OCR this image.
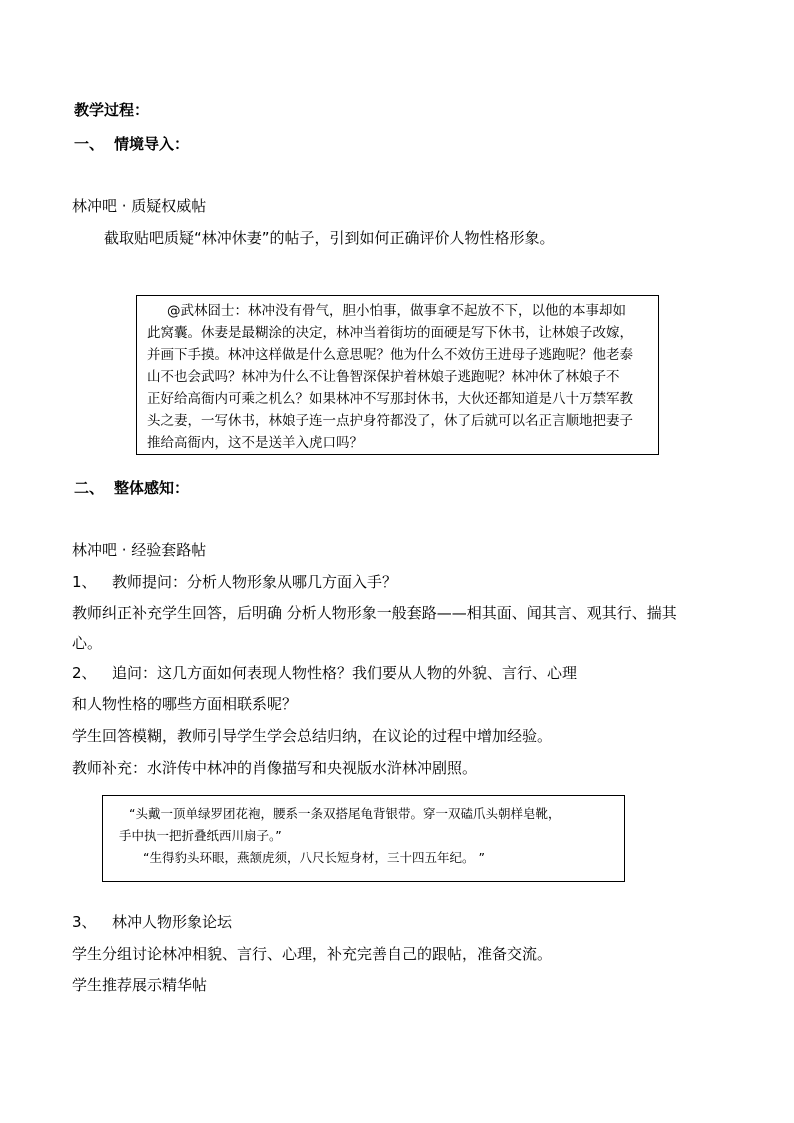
教学过程：
一、 情境导入：
林冲吧 · 质疑权威帖
截取贴吧质疑“林冲休妻”的帖子，引到如何正确评价人物性格形象。
@武林囧士：林冲没有骨气，胆小怕事，做事拿不起放不下，以他的本事却如
此窝囊。休妻是最糊涂的决定，林冲当着街坊的面硬是写下休书，让林娘子改嫁，
并画下手摸。林冲这样做是什么意思呢？他为什么不效仿王进母子逃跑呢？他老泰
山不也会武吗？林冲为什么不让鲁智深保护着林娘子逃跑呢？林冲休了林娘子不
正好给高衙内可乘之机么？如果林冲不写那封休书，大伙还都知道是八十万禁军教
头之妻，一写休书，林娘子连一点护身符都没了，休了后就可以名正言顺地把妻子
推给高衙内，这不是送羊入虎口吗？
二、 整体感知：
林冲吧 · 经验套路帖
1、 教师提问：分析人物形象从哪几方面入手？
教师纠正补充学生回答，后明确 分析人物形象一般套路——相其面、闻其言、观其行、揣其
心。
2、 追问：这几方面如何表现人物性格？我们要从人物的外貌、言行、心理
和人物性格的哪些方面相联系呢？
学生回答模糊，教师引导学生学会总结归纳，在议论的过程中增加经验。
教师补充：水浒传中林冲的肖像描写和央视版水浒林冲剧照。
“头戴一顶单绿罗团花袍，腰系一条双搭尾龟背银带。穿一双磕爪头朝样皂靴，
手中执一把折叠纸西川扇子。”
“生得豹头环眼，燕颔虎须，八尺长短身材，三十四五年纪。 ”
3、 林冲人物形象论坛
学生分组讨论林冲相貌、言行、心理，补充完善自己的跟帖，准备交流。
学生推荐展示精华帖
